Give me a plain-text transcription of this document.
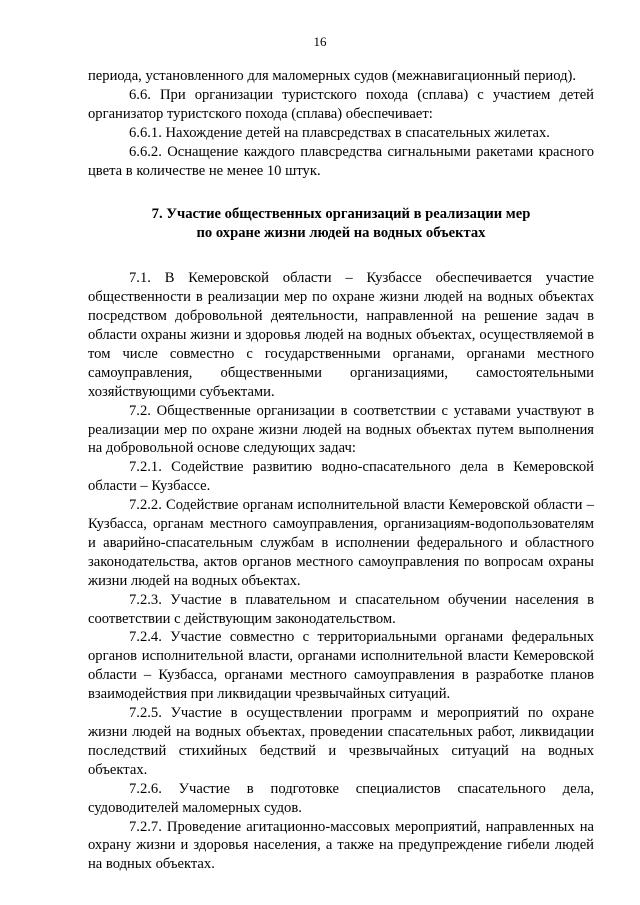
16

периода, установленного для маломерных судов (межнавигационный период).

6.6. При организации туристского похода (сплава) с участием детей организатор туристского похода (сплава) обеспечивает:

6.6.1. Нахождение детей на плавсредствах в спасательных жилетах.

6.6.2. Оснащение каждого плавсредства сигнальными ракетами красного цвета в количестве не менее 10 штук.

7. Участие общественных организаций в реализации мер
по охране жизни людей на водных объектах

7.1. В Кемеровской области – Кузбассе обеспечивается участие общественности в реализации мер по охране жизни людей на водных объектах посредством добровольной деятельности, направленной на решение задач в области охраны жизни и здоровья людей на водных объектах, осуществляемой в том числе совместно с государственными органами, органами местного самоуправления, общественными организациями, самостоятельными хозяйствующими субъектами.

7.2. Общественные организации в соответствии с уставами участвуют в реализации мер по охране жизни людей на водных объектах путем выполнения на добровольной основе следующих задач:

7.2.1. Содействие развитию водно-спасательного дела в Кемеровской области – Кузбассе.

7.2.2. Содействие органам исполнительной власти Кемеровской области – Кузбасса, органам местного самоуправления, организациям-водопользователям и аварийно-спасательным службам в исполнении федерального и областного законодательства, актов органов местного самоуправления по вопросам охраны жизни людей на водных объектах.

7.2.3. Участие в плавательном и спасательном обучении населения в соответствии с действующим законодательством.

7.2.4. Участие совместно с территориальными органами федеральных органов исполнительной власти, органами исполнительной власти Кемеровской области – Кузбасса, органами местного самоуправления в разработке планов взаимодействия при ликвидации чрезвычайных ситуаций.

7.2.5. Участие в осуществлении программ и мероприятий по охране жизни людей на водных объектах, проведении спасательных работ, ликвидации последствий стихийных бедствий и чрезвычайных ситуаций на водных объектах.

7.2.6. Участие в подготовке специалистов спасательного дела, судоводителей маломерных судов.

7.2.7. Проведение агитационно-массовых мероприятий, направленных на охрану жизни и здоровья населения, а также на предупреждение гибели людей на водных объектах.
